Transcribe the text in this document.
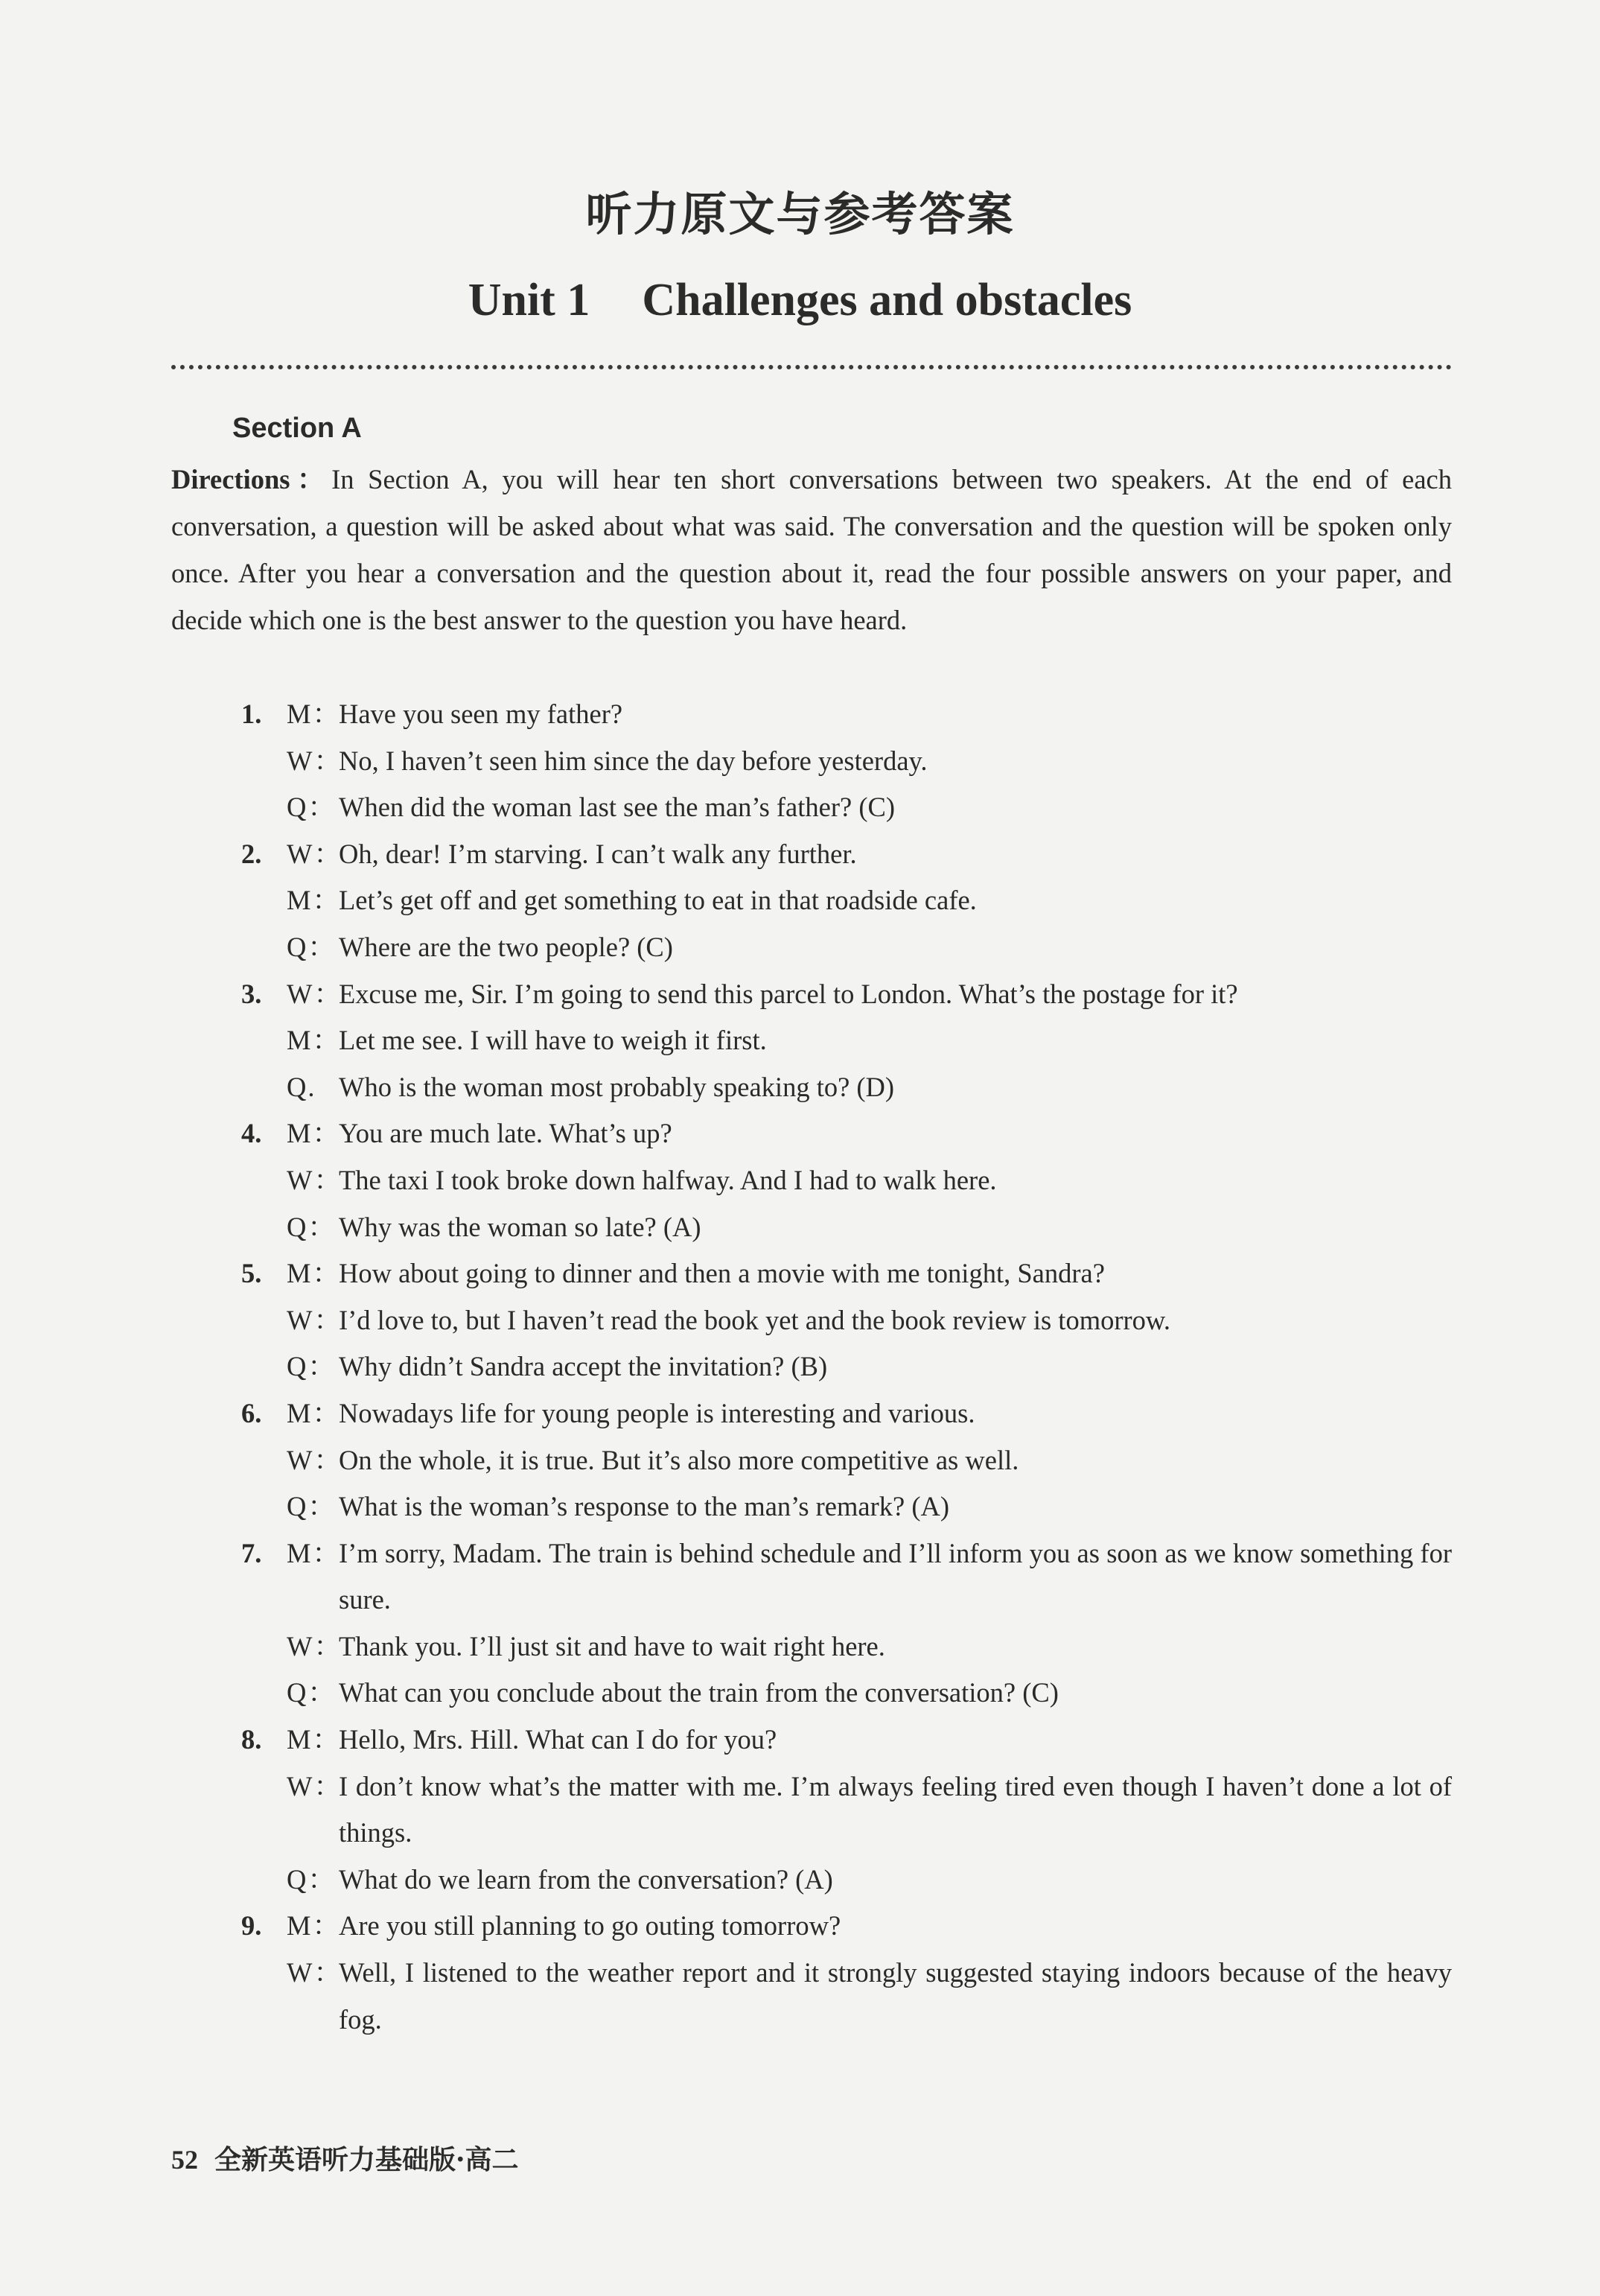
听力原文与参考答案
Unit 1 Challenges and obstacles
Section A

Directions：In Section A, you will hear ten short conversations between two speakers. At the end of each conversation, a question will be asked about what was said. The conversation and the question will be spoken only once. After you hear a conversation and the question about it, read the four possible answers on your paper, and decide which one is the best answer to the question you have heard.

1. M： Have you seen my father?
W：
No, I haven’t seen him since the day before yesterday.
Q： When did the woman last see the man’s father? (C)
2. W：
Oh, dear! I’m starving. I can’t walk any further.
M： Let’s get off and get something to eat in that roadside cafe.
Q： Where are the two people? (C)
3. W：
Excuse me, Sir. I’m going to send this parcel to London. What’s the postage for it?
M： Let me see. I will have to weigh it first.
Q. Who is the woman most probably speaking to? (D)
4. M： You are much late. What’s up?
W：
The taxi I took broke down halfway. And I had to walk here.
Q： Why was the woman so late? (A)
5. M： How about going to dinner and then a movie with me tonight, Sandra?
W：
I’d love to, but I haven’t read the book yet and the book review is tomorrow.
Q： Why didn’t Sandra accept the invitation? (B)
6. M： Nowadays life for young people is interesting and various.
W：
On the whole, it is true. But it’s also more competitive as well.
Q： What is the woman’s response to the man’s remark? (A)
7. M： I’m sorry, Madam. The train is behind schedule and I’ll inform you as soon as we know something for sure.
W：
Thank you. I’ll just sit and have to wait right here.
Q： What can you conclude about the train from the conversation? (C)
8. M： Hello, Mrs. Hill. What can I do for you?
W：
I don’t know what’s the matter with me. I’m always feeling tired even though I haven’t done a lot of things.
Q： What do we learn from the conversation? (A)
9. M： Are you still planning to go outing tomorrow?
W：
Well, I listened to the weather report and it strongly suggested staying indoors because of the heavy fog.

52 全新英语听力基础版·高二
